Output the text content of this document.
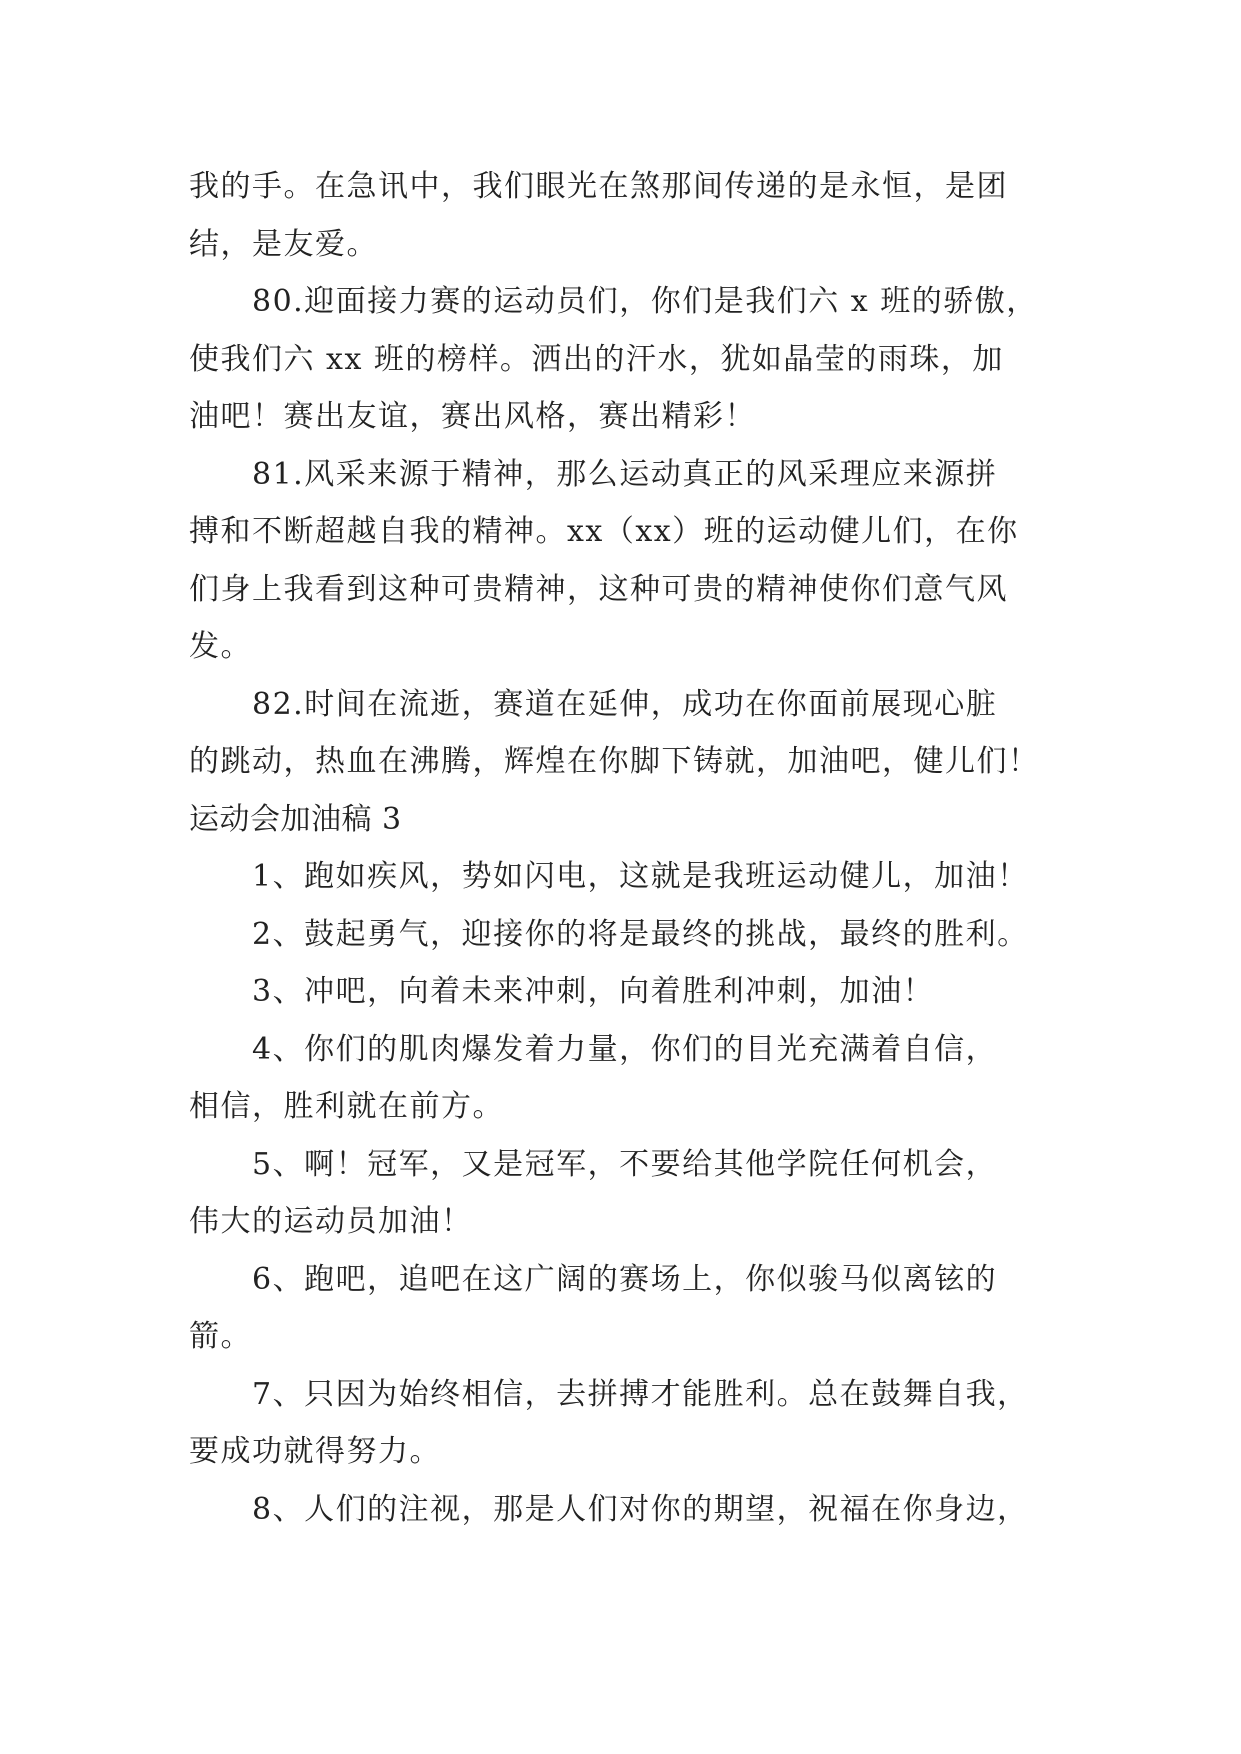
我的手。在急讯中，我们眼光在煞那间传递的是永恒，是团

结，是友爱。

　　80.迎面接力赛的运动员们，你们是我们六 x 班的骄傲，

使我们六 xx 班的榜样。洒出的汗水，犹如晶莹的雨珠，加

油吧！赛出友谊，赛出风格，赛出精彩！

　　81.风采来源于精神，那么运动真正的风采理应来源拼

搏和不断超越自我的精神。xx（xx）班的运动健儿们，在你

们身上我看到这种可贵精神，这种可贵的精神使你们意气风

发。

　　82.时间在流逝，赛道在延伸，成功在你面前展现心脏

的跳动，热血在沸腾，辉煌在你脚下铸就，加油吧，健儿们！

运动会加油稿 3

　　1、跑如疾风，势如闪电，这就是我班运动健儿，加油！

　　2、鼓起勇气，迎接你的将是最终的挑战，最终的胜利。

　　3、冲吧，向着未来冲刺，向着胜利冲刺，加油！

　　4、你们的肌肉爆发着力量，你们的目光充满着自信，

相信，胜利就在前方。

　　5、啊！冠军，又是冠军，不要给其他学院任何机会，

伟大的运动员加油！

　　6、跑吧，追吧在这广阔的赛场上，你似骏马似离铉的

箭。

　　7、只因为始终相信，去拼搏才能胜利。总在鼓舞自我，

要成功就得努力。

　　8、人们的注视，那是人们对你的期望，祝福在你身边，
